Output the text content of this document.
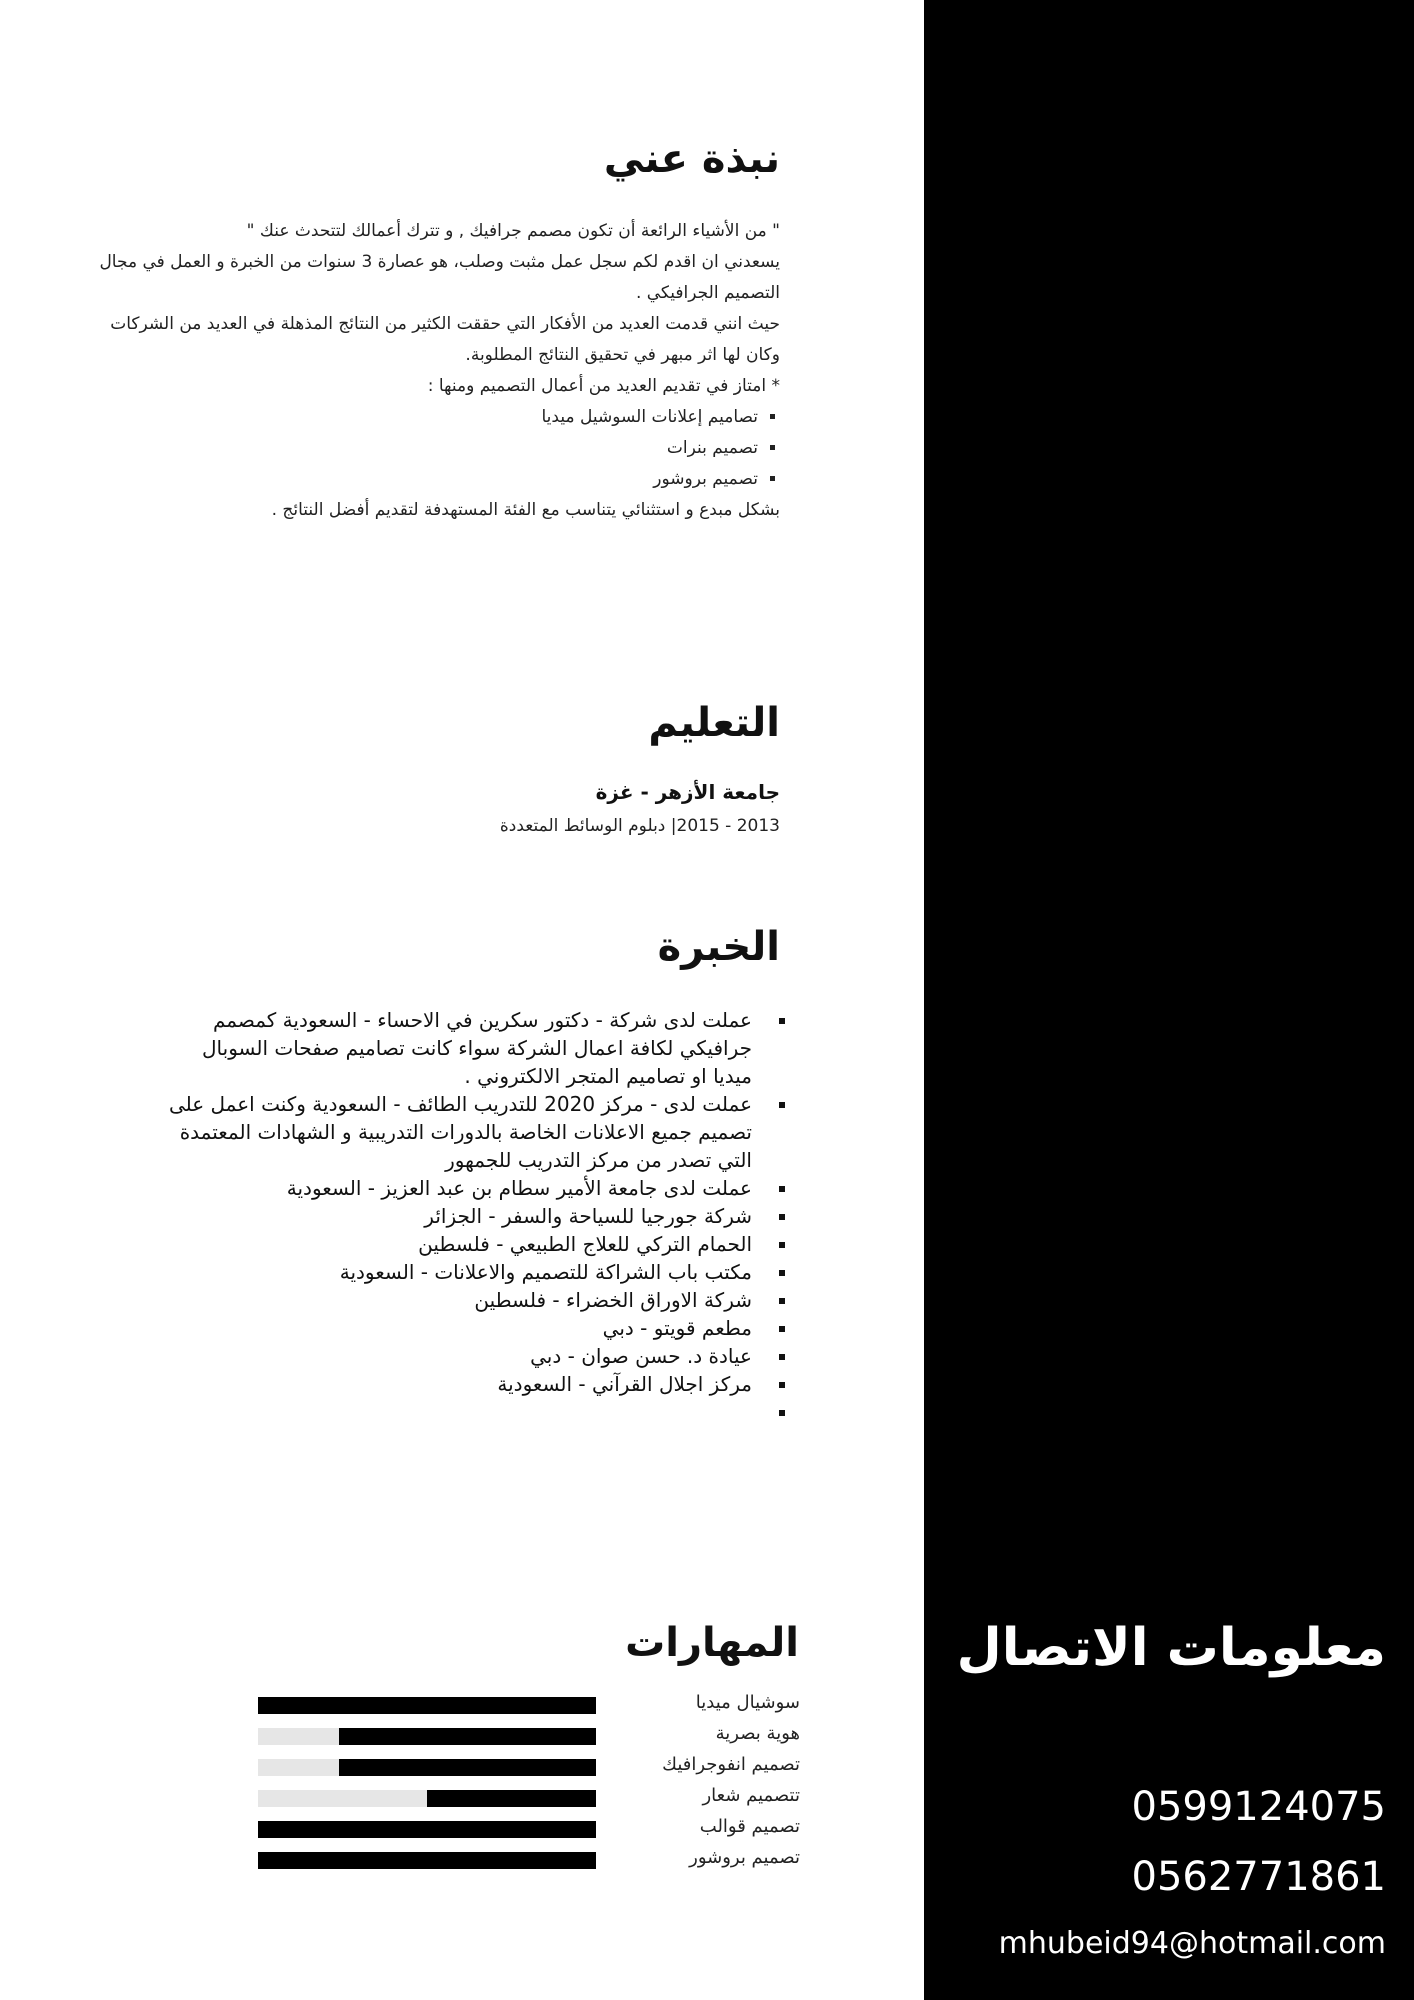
معلومات الاتصال

0599124075

0562771861

mhubeid94@hotmail.com

نبذة عني

" من الأشياء الرائعة أن تكون مصمم جرافيك , و تترك أعمالك لتتحدث عنك "

يسعدني ان اقدم لكم سجل عمل مثبت وصلب، هو عصارة 3 سنوات من الخبرة و العمل في مجال التصميم الجرافيكي .

حيث انني قدمت العديد من الأفكار التي حققت الكثير من النتائج المذهلة في العديد من الشركات وكان لها اثر مبهر في تحقيق النتائج المطلوبة.

* امتاز في تقديم العديد من أعمال التصميم ومنها :

▪ تصاميم إعلانات السوشيل ميديا
▪ تصميم بنرات
▪ تصميم بروشور

بشكل مبدع و استثنائي يتناسب مع الفئة المستهدفة لتقديم أفضل النتائج .

التعليم

جامعة الأزهر - غزة

2013 - 2015| دبلوم الوسائط المتعددة

الخبرة
▪ عملت لدى شركة - دكتور سكرين في الاحساء - السعودية كمصمم جرافيكي لكافة اعمال الشركة سواء كانت تصاميم صفحات السوبال ميديا او تصاميم المتجر الالكتروني .
▪ عملت لدى - مركز 2020 للتدريب الطائف - السعودية وكنت اعمل على تصميم جميع الاعلانات الخاصة بالدورات التدريبية و الشهادات المعتمدة التي تصدر من مركز التدريب للجمهور
▪ عملت لدى جامعة الأمير سطام بن عبد العزيز - السعودية
▪ شركة جورجيا للسياحة والسفر - الجزائر
▪ الحمام التركي للعلاج الطبيعي - فلسطين
▪ مكتب باب الشراكة للتصميم والاعلانات - السعودية
▪ شركة الاوراق الخضراء - فلسطين
▪ مطعم قويتو - دبي
▪ عيادة د. حسن صوان - دبي
▪ مركز اجلال القرآني - السعودية
▪
المهارات
سوشيال ميديا
هوية بصرية
تصميم انفوجرافيك
تتصميم شعار
تصميم قوالب
تصميم بروشور
